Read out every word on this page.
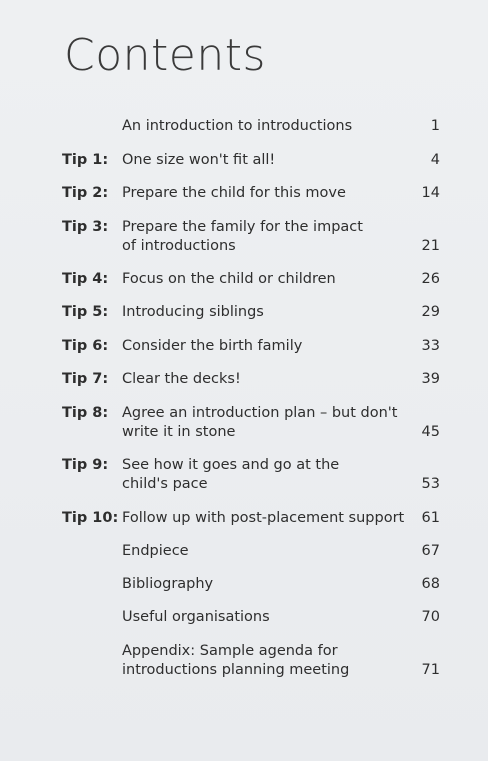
Contents
An introduction to introductions	1
Tip 1: One size won't fit all!	4
Tip 2: Prepare the child for this move	14
Tip 3: Prepare the family for the impact
of introductions	21
Tip 4: Focus on the child or children	26
Tip 5: Introducing siblings	29
Tip 6: Consider the birth family	33
Tip 7: Clear the decks!	39
Tip 8: Agree an introduction plan – but don't
write it in stone	45
Tip 9: See how it goes and go at the
child's pace	53
Tip 10: Follow up with post-placement support 61
Endpiece	67
Bibliography	68
Useful organisations	70
Appendix: Sample agenda for
introductions planning meeting	71
